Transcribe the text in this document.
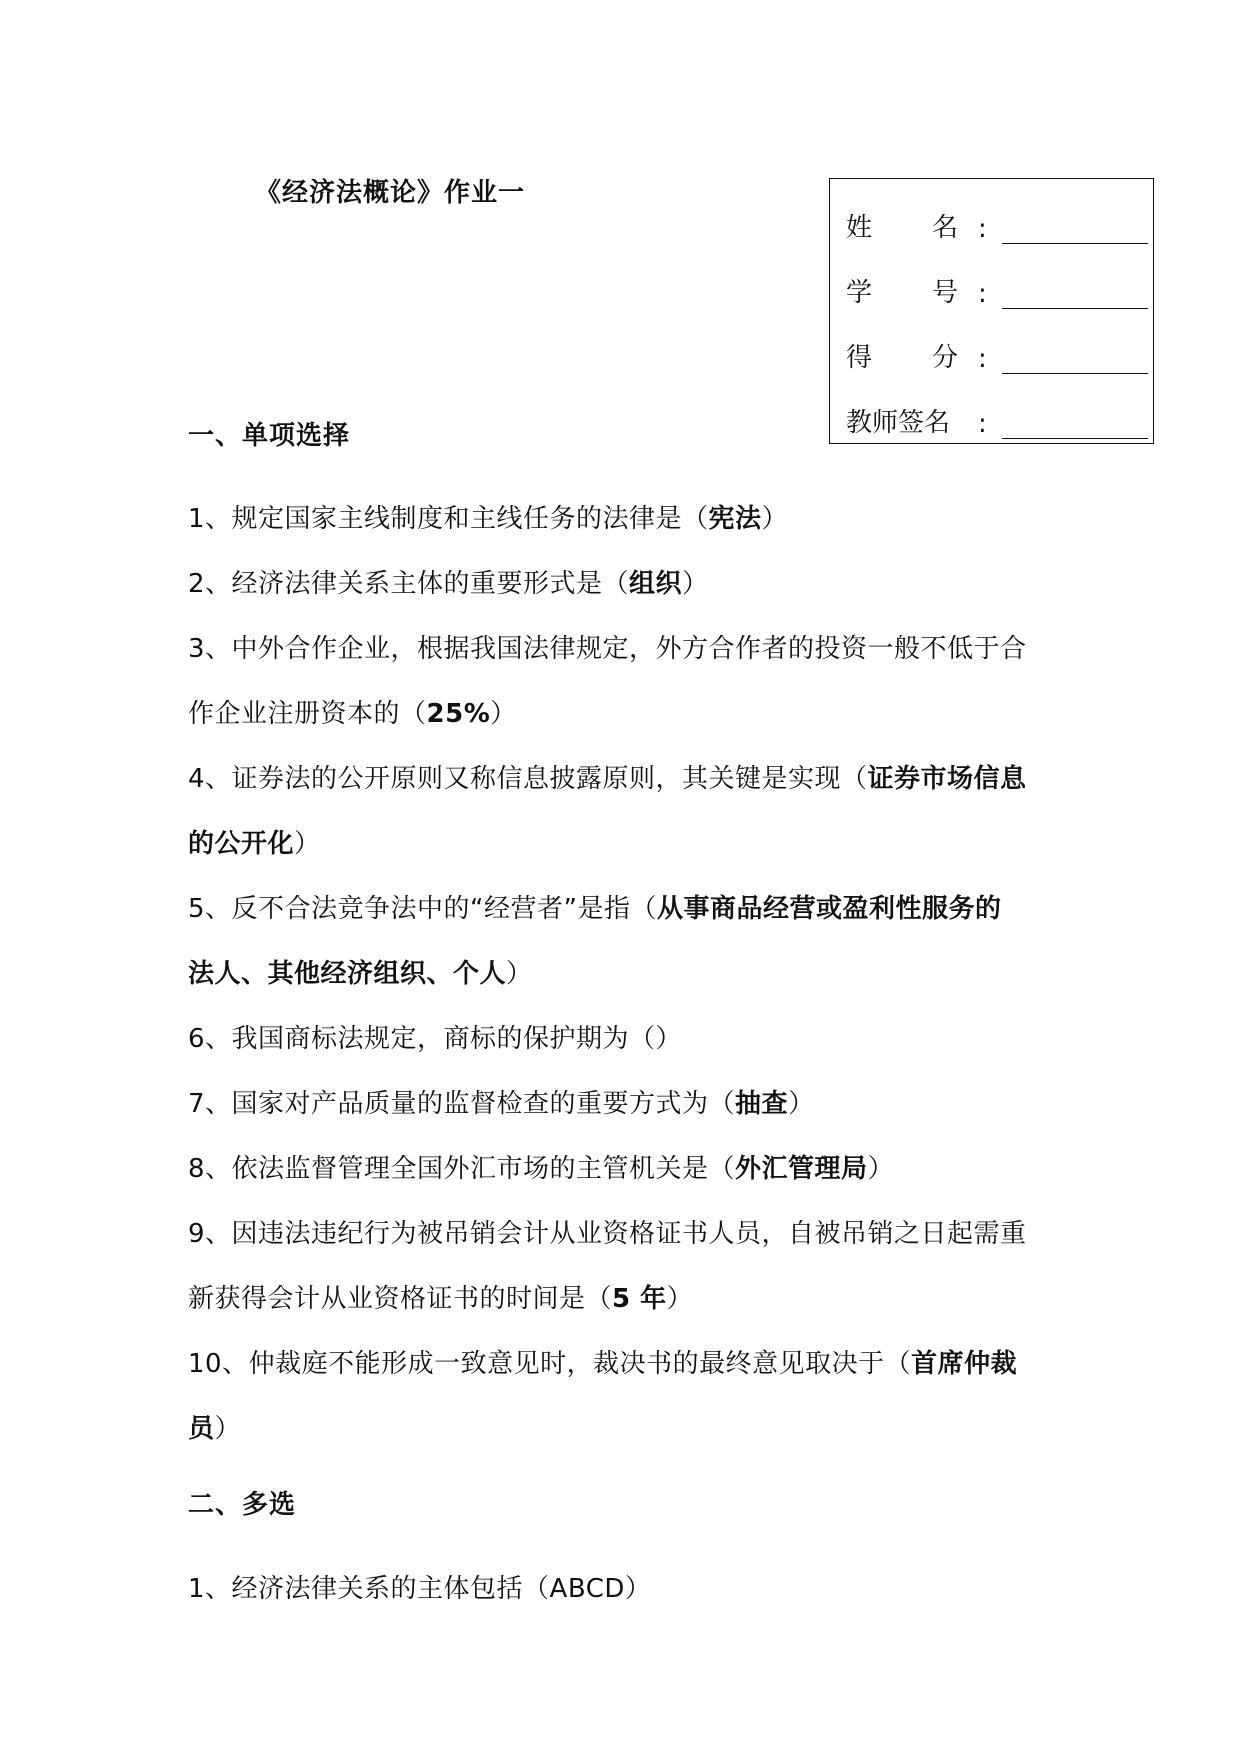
《经济法概论》作业一
姓 名 :
学 号 :
得 分 :
教师签名	:
一、单项选择
1、规定国家主线制度和主线任务的法律是（宪法）
2、经济法律关系主体的重要形式是（组织）
3、中外合作企业，根据我国法律规定，外方合作者的投资一般不低于合
作企业注册资本的（25%）
4、证券法的公开原则又称信息披露原则，其关键是实现（证券市场信息
的公开化）
5、反不合法竞争法中的“经营者”是指（从事商品经营或盈利性服务的
法人、其他经济组织、个人）
6、我国商标法规定，商标的保护期为（）
7、国家对产品质量的监督检查的重要方式为（抽查）
8、依法监督管理全国外汇市场的主管机关是（外汇管理局）
9、因违法违纪行为被吊销会计从业资格证书人员，自被吊销之日起需重
新获得会计从业资格证书的时间是（5 年）
10、仲裁庭不能形成一致意见时，裁决书的最终意见取决于（首席仲裁
员）
二、多选
1、经济法律关系的主体包括（ABCD）
